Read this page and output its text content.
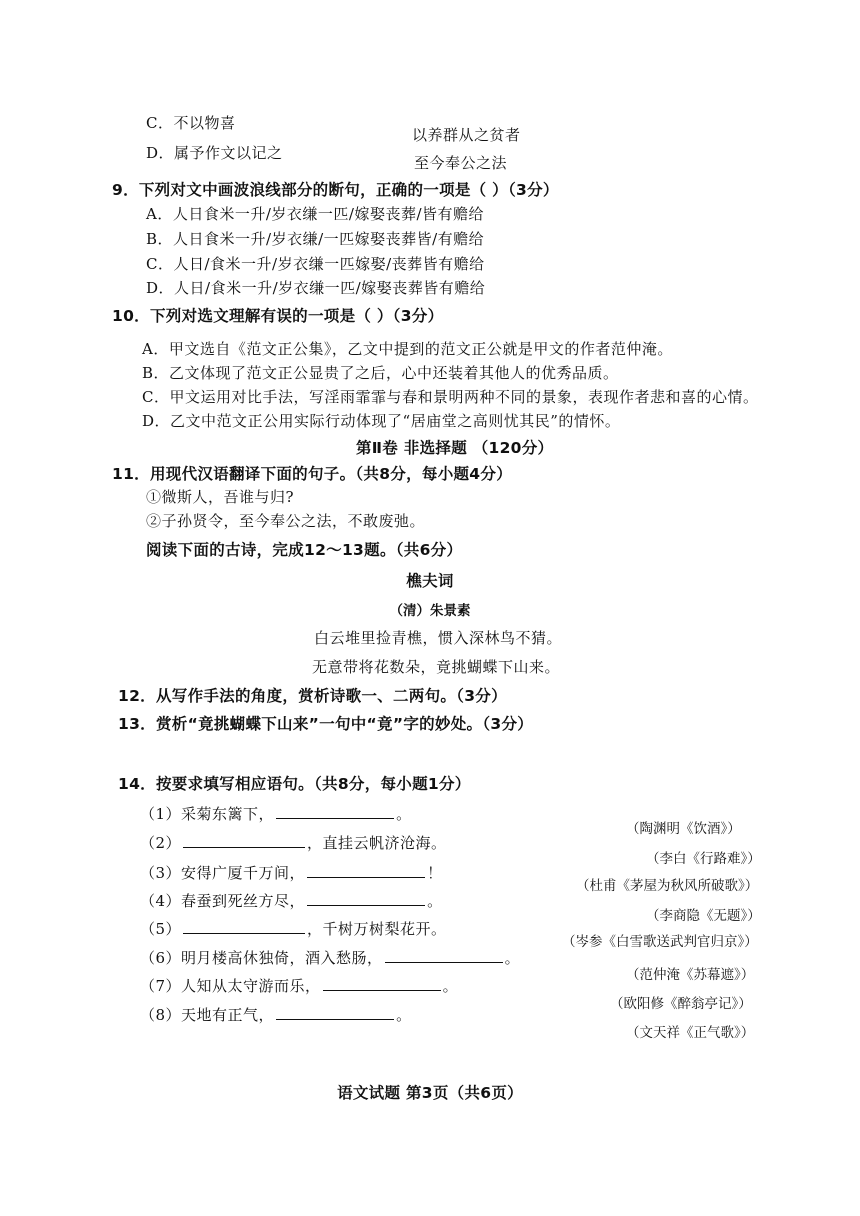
C．不以物喜
D．属予作文以记之
以养群从之贫者
至今奉公之法
9．下列对文中画波浪线部分的断句，正确的一项是（ ）（3分）
A．人日食米一升/岁衣缣一匹/嫁娶丧葬/皆有赡给
B．人日食米一升/岁衣缣/一匹嫁娶丧葬皆/有赡给
C．人日/食米一升/岁衣缣一匹嫁娶/丧葬皆有赡给
D．人日/食米一升/岁衣缣一匹/嫁娶丧葬皆有赡给
10．下列对选文理解有误的一项是（ ）（3分）
A．甲文选自《范文正公集》，乙文中提到的范文正公就是甲文的作者范仲淹。
B．乙文体现了范文正公显贵了之后，心中还装着其他人的优秀品质。
C．甲文运用对比手法，写淫雨霏霏与春和景明两种不同的景象，表现作者悲和喜的心情。
D．乙文中范文正公用实际行动体现了“居庙堂之高则忧其民”的情怀。
第Ⅱ卷 非选择题 （120分）
11．用现代汉语翻译下面的句子。（共8分，每小题4分）
①微斯人，吾谁与归?
②子孙贤令，至今奉公之法，不敢废弛。
阅读下面的古诗，完成12～13题。（共6分）
樵夫词
（清）朱景素
白云堆里捡青樵，惯入深林鸟不猜。
无意带将花数朵，竟挑蝴蝶下山来。
12．从写作手法的角度，赏析诗歌一、二两句。（3分）
13．赏析“竟挑蝴蝶下山来”一句中“竟”字的妙处。（3分）
14．按要求填写相应语句。（共8分，每小题1分）
（1）采菊东篱下，	。
（陶渊明《饮酒》）
（2）	，直挂云帆济沧海。
（李白《行路难》）
（3）安得广厦千万间，	！
（杜甫《茅屋为秋风所破歌》）
（4）春蚕到死丝方尽，	。
（李商隐《无题》）
（5）	，千树万树梨花开。
（岑参《白雪歌送武判官归京》）
（6）明月楼高休独倚，酒入愁肠，	。
（范仲淹《苏幕遮》）
（7）人知从太守游而乐，	。
（欧阳修《醉翁亭记》）
（8）天地有正气，	。
（文天祥《正气歌》）
语文试题 第3页（共6页）
